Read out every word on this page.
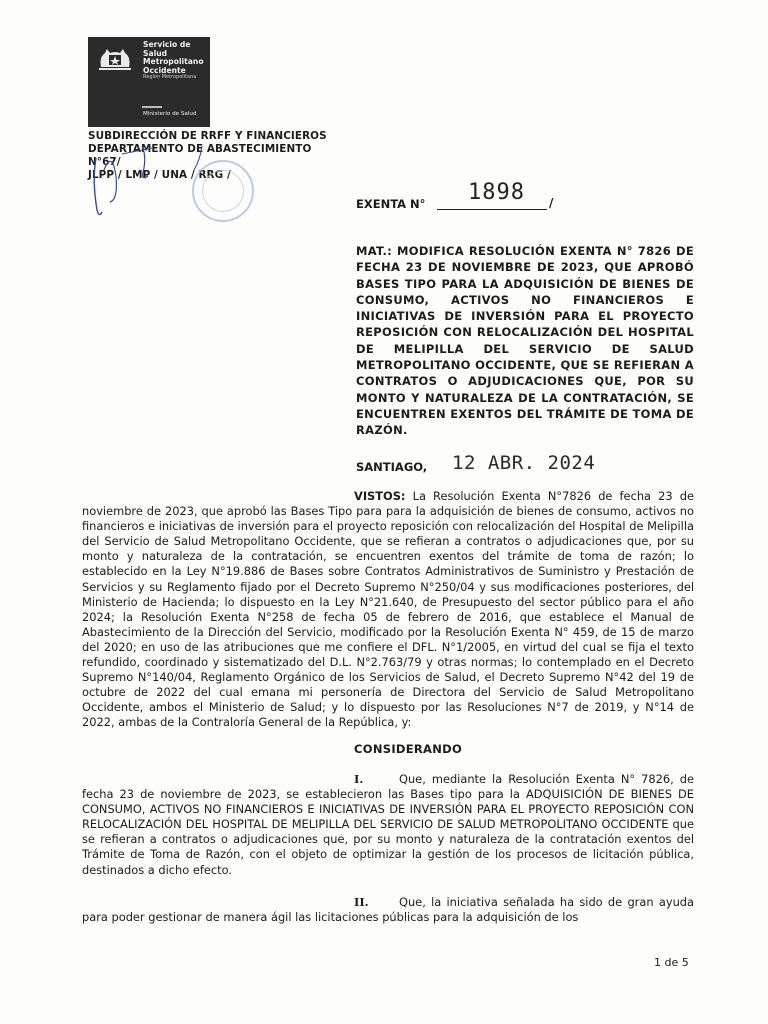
Servicio de Salud Metropolitano Occidente
Región Metropolitana
Ministerio de Salud
SUBDIRECCIÓN DE RRFF Y FINANCIEROS
DEPARTAMENTO DE ABASTECIMIENTO
N°67/
JLPP / LMP / UNA / RRG /
EXENTA N° 1898 /
MAT.: MODIFICA RESOLUCIÓN EXENTA N° 7826 DE FECHA 23 DE NOVIEMBRE DE 2023, QUE APROBÓ BASES TIPO PARA LA ADQUISICIÓN DE BIENES DE CONSUMO, ACTIVOS NO FINANCIEROS E INICIATIVAS DE INVERSIÓN PARA EL PROYECTO REPOSICIÓN CON RELOCALIZACIÓN DEL HOSPITAL DE MELIPILLA DEL SERVICIO DE SALUD METROPOLITANO OCCIDENTE, QUE SE REFIERAN A CONTRATOS O ADJUDICACIONES QUE, POR SU MONTO Y NATURALEZA DE LA CONTRATACIÓN, SE ENCUENTREN EXENTOS DEL TRÁMITE DE TOMA DE RAZÓN.
SANTIAGO, 12 ABR. 2024
VISTOS: La Resolución Exenta N°7826 de fecha 23 de noviembre de 2023, que aprobó las Bases Tipo para para la adquisición de bienes de consumo, activos no financieros e iniciativas de inversión para el proyecto reposición con relocalización del Hospital de Melipilla del Servicio de Salud Metropolitano Occidente, que se refieran a contratos o adjudicaciones que, por su monto y naturaleza de la contratación, se encuentren exentos del trámite de toma de razón; lo establecido en la Ley N°19.886 de Bases sobre Contratos Administrativos de Suministro y Prestación de Servicios y su Reglamento fijado por el Decreto Supremo N°250/04 y sus modificaciones posteriores, del Ministerio de Hacienda; lo dispuesto en la Ley N°21.640, de Presupuesto del sector público para el año 2024; la Resolución Exenta N°258 de fecha 05 de febrero de 2016, que establece el Manual de Abastecimiento de la Dirección del Servicio, modificado por la Resolución Exenta N° 459, de 15 de marzo del 2020; en uso de las atribuciones que me confiere el DFL. N°1/2005, en virtud del cual se fija el texto refundido, coordinado y sistematizado del D.L. N°2.763/79 y otras normas; lo contemplado en el Decreto Supremo N°140/04, Reglamento Orgánico de los Servicios de Salud, el Decreto Supremo N°42 del 19 de octubre de 2022 del cual emana mi personería de Directora del Servicio de Salud Metropolitano Occidente, ambos el Ministerio de Salud; y lo dispuesto por las Resoluciones N°7 de 2019, y N°14 de 2022, ambas de la Contraloría General de la República, y:
CONSIDERANDO
I.	Que, mediante la Resolución Exenta N° 7826, de fecha 23 de noviembre de 2023, se establecieron las Bases tipo para la ADQUISICIÓN DE BIENES DE CONSUMO, ACTIVOS NO FINANCIEROS E INICIATIVAS DE INVERSIÓN PARA EL PROYECTO REPOSICIÓN CON RELOCALIZACIÓN DEL HOSPITAL DE MELIPILLA DEL SERVICIO DE SALUD METROPOLITANO OCCIDENTE que se refieran a contratos o adjudicaciones que, por su monto y naturaleza de la contratación exentos del Trámite de Toma de Razón, con el objeto de optimizar la gestión de los procesos de licitación pública, destinados a dicho efecto.
II.	Que, la iniciativa señalada ha sido de gran ayuda para poder gestionar de manera ágil las licitaciones públicas para la adquisición de los
1 de 5
